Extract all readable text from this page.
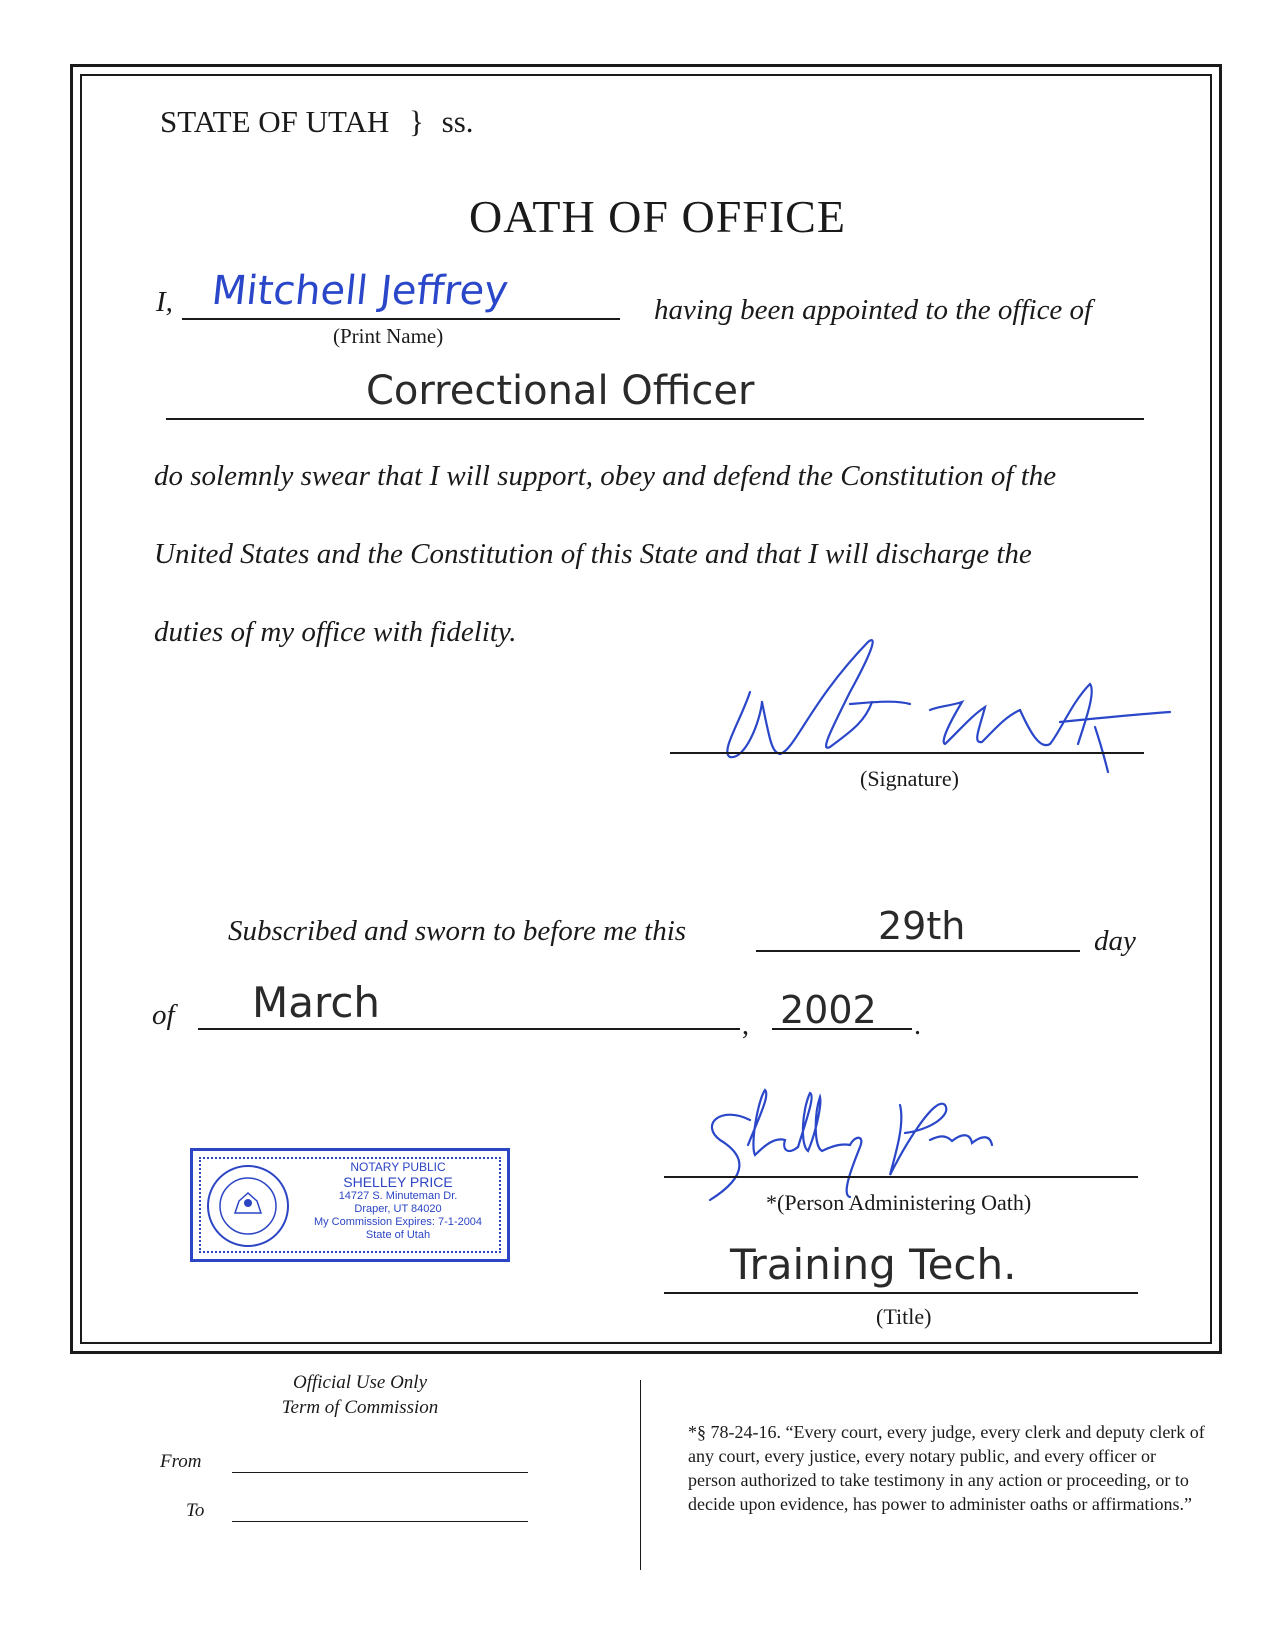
STATE OF UTAH } ss.
OATH OF OFFICE
I, Mitchell Jeffrey
(Print Name)
having been appointed to the office of
Correctional Officer
do solemnly swear that I will support, obey and defend the Constitution of the
United States and the Constitution of this State and that I will discharge the
duties of my office with fidelity.
(Signature)
Subscribed and sworn to before me this	29th	day
of March	, 2002 .
NOTARY PUBLIC
SHELLEY PRICE
14727 S. Minuteman Dr.
Draper, UT 84020
My Commission Expires: 7-1-2004
State of Utah
*(Person Administering Oath)
Training Tech.
(Title)
Official Use Only
Term of Commission
From
To
*§ 78-24-16. “Every court, every judge, every clerk and deputy clerk of any court, every justice, every notary public, and every officer or person authorized to take testimony in any action or proceeding, or to decide upon evidence, has power to administer oaths or affirmations.”
